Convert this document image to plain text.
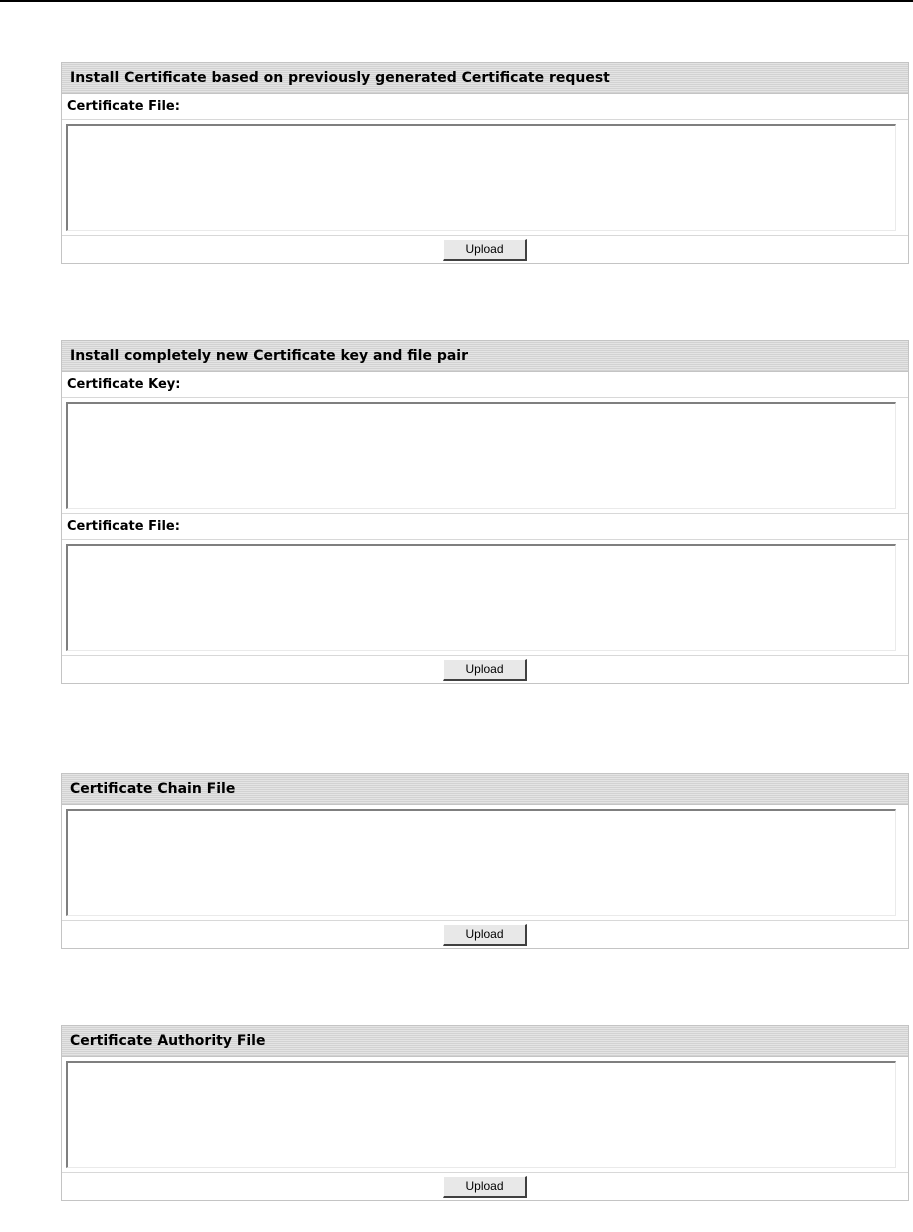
Install Certificate based on previously generated Certificate request
Certificate File:
Upload
Install completely new Certificate key and file pair
Certificate Key:
Certificate File:
Upload
Certificate Chain File
Upload
Certificate Authority File
Upload
